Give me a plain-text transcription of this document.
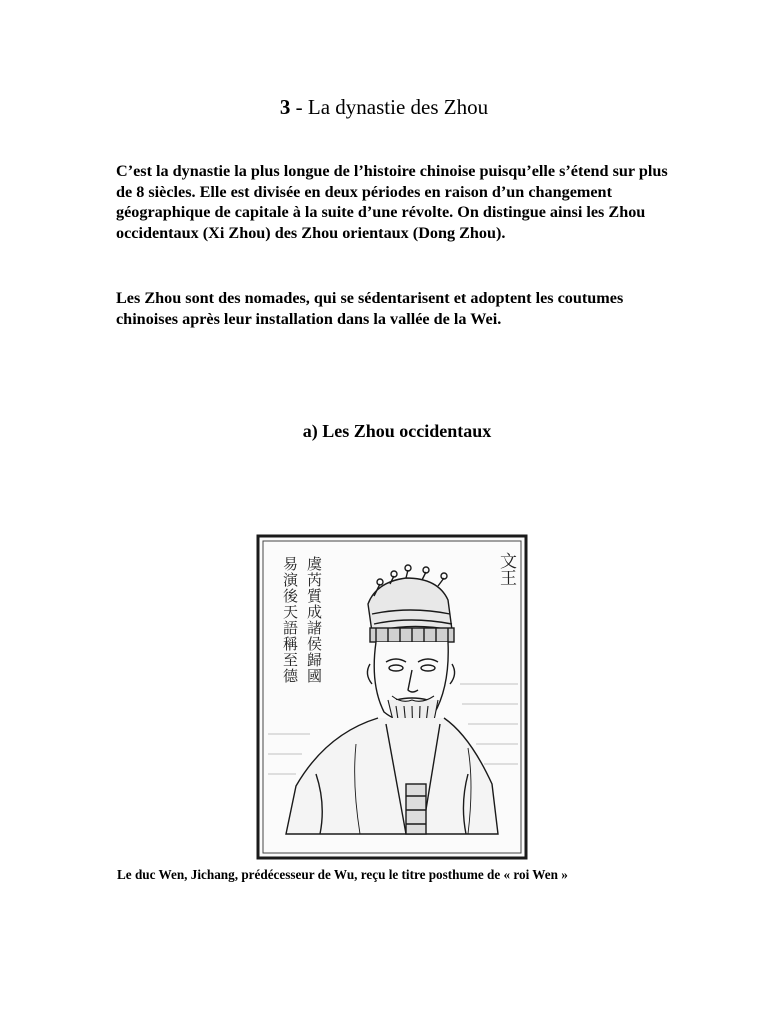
3 - La dynastie des Zhou

C’est la dynastie la plus longue de l’histoire chinoise puisqu’elle s’étend sur plus de 8 siècles. Elle est divisée en deux périodes en raison d’un changement géographique de capitale à la suite d’une révolte. On distingue ainsi les Zhou occidentaux (Xi Zhou) des Zhou orientaux (Dong Zhou).

Les Zhou sont des nomades, qui se sédentarisent et adoptent les coutumes chinoises après leur installation dans la vallée de la Wei.

a) Les Zhou occidentaux
虞芮質成諸侯歸國
易演後天語稱至德	文王
Le duc Wen, Jichang, prédécesseur de Wu, reçu le titre posthume de « roi Wen »
